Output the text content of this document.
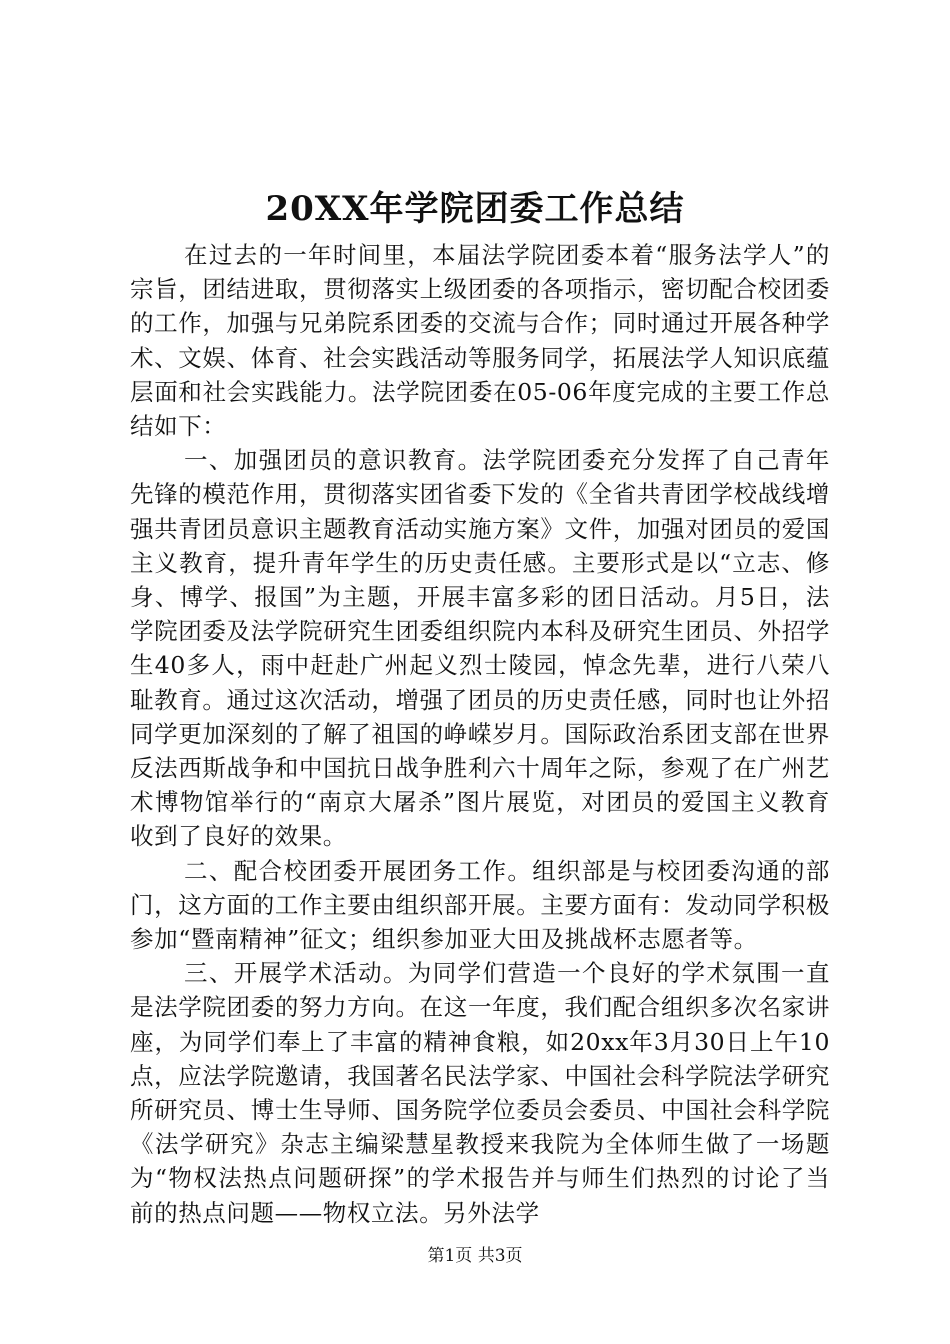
20XX年学院团委工作总结

在过去的一年时间里，本届法学院团委本着“服务法学人”的宗旨，团结进取，贯彻落实上级团委的各项指示，密切配合校团委的工作，加强与兄弟院系团委的交流与合作；同时通过开展各种学术、文娱、体育、社会实践活动等服务同学，拓展法学人知识底蕴层面和社会实践能力。法学院团委在05-06年度完成的主要工作总结如下：

一、加强团员的意识教育。法学院团委充分发挥了自己青年先锋的模范作用，贯彻落实团省委下发的《全省共青团学校战线增强共青团员意识主题教育活动实施方案》文件，加强对团员的爱国主义教育，提升青年学生的历史责任感。主要形式是以“立志、修身、博学、报国”为主题，开展丰富多彩的团日活动。月5日，法学院团委及法学院研究生团委组织院内本科及研究生团员、外招学生40多人，雨中赶赴广州起义烈士陵园，悼念先辈，进行八荣八耻教育。通过这次活动，增强了团员的历史责任感，同时也让外招同学更加深刻的了解了祖国的峥嵘岁月。国际政治系团支部在世界反法西斯战争和中国抗日战争胜利六十周年之际，参观了在广州艺术博物馆举行的“南京大屠杀”图片展览，对团员的爱国主义教育收到了良好的效果。

二、配合校团委开展团务工作。组织部是与校团委沟通的部门，这方面的工作主要由组织部开展。主要方面有：发动同学积极参加“暨南精神”征文；组织参加亚大田及挑战杯志愿者等。

三、开展学术活动。为同学们营造一个良好的学术氛围一直是法学院团委的努力方向。在这一年度，我们配合组织多次名家讲座，为同学们奉上了丰富的精神食粮，如20xx年3月30日上午10点，应法学院邀请，我国著名民法学家、中国社会科学院法学研究所研究员、博士生导师、国务院学位委员会委员、中国社会科学院《法学研究》杂志主编梁慧星教授来我院为全体师生做了一场题为“物权法热点问题研探”的学术报告并与师生们热烈的讨论了当前的热点问题——物权立法。另外法学

第1页 共3页
